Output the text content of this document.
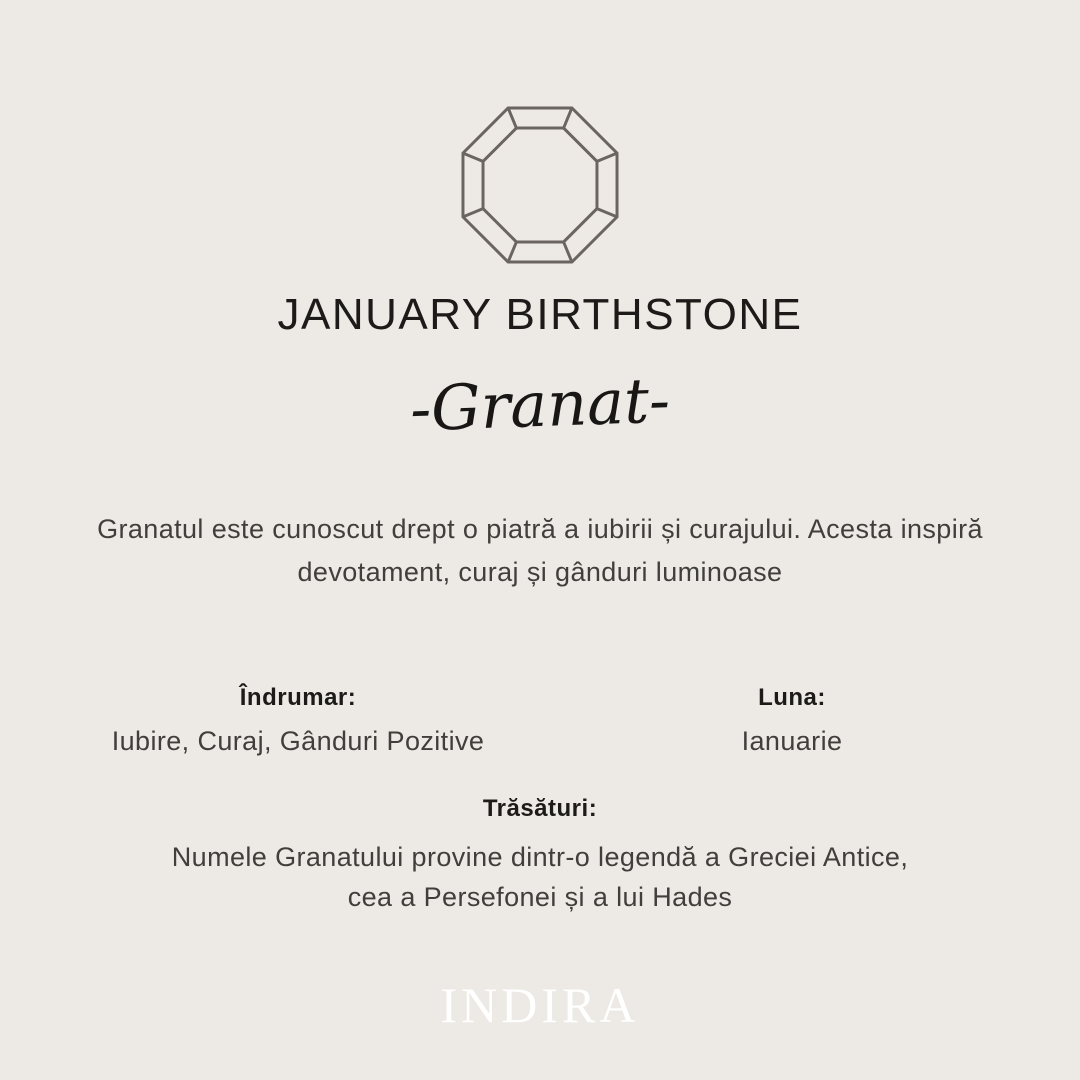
JANUARY BIRTHSTONE
-Granat-
Granatul este cunoscut drept o piatră a iubirii și curajului. Acesta inspiră devotament, curaj și gânduri luminoase
Îndrumar:
Iubire, Curaj, Gânduri Pozitive
Luna:
Ianuarie
Trăsături:
Numele Granatului provine dintr-o legendă a Greciei Antice, cea a Persefonei și a lui Hades
INDIRA
